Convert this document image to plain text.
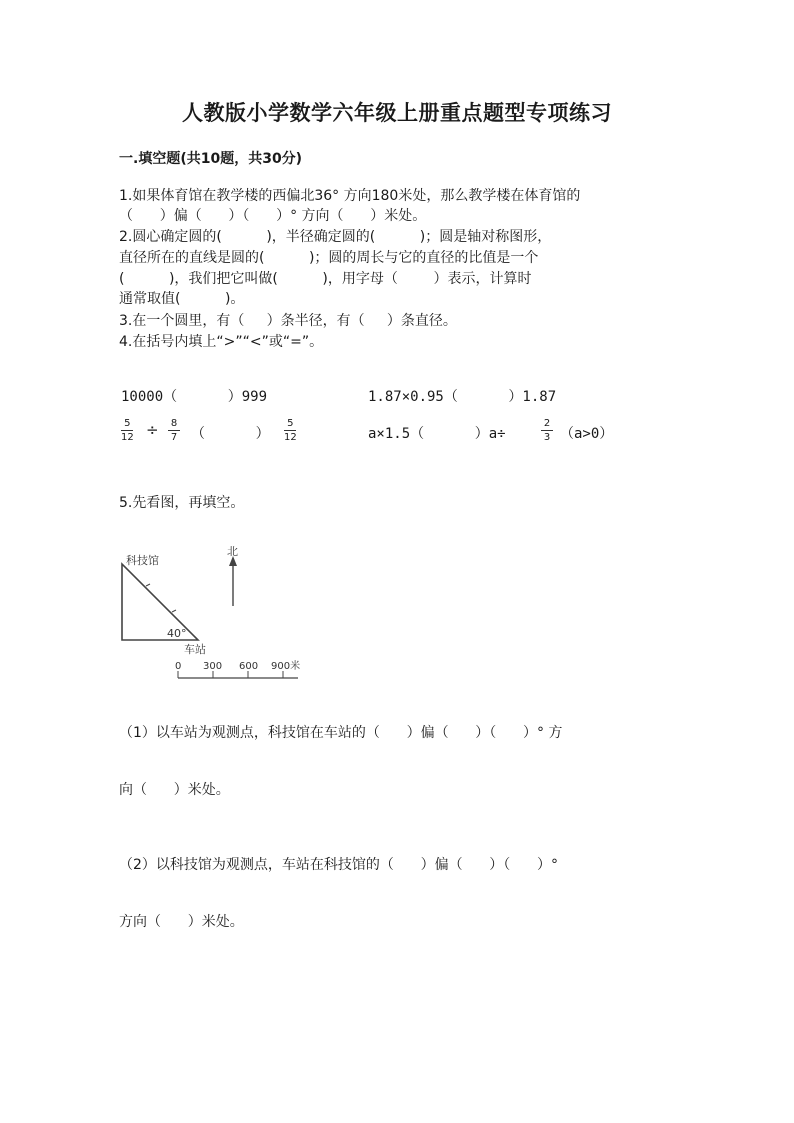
人教版小学数学六年级上册重点题型专项练习
一.填空题(共10题，共30分)
1.如果体育馆在教学楼的西偏北36° 方向180米处，那么教学楼在体育馆的
（      ）偏（      ）（      ）° 方向（      ）米处。
2.圆心确定圆的(          )，半径确定圆的(          )；圆是轴对称图形，
直径所在的直线是圆的(          )；圆的周长与它的直径的比值是一个
(          )，我们把它叫做(          )，用字母（        ）表示，计算时
通常取值(          )。
3.在一个圆里，有（     ）条半径，有（     ）条直径。
4.在括号内填上“>”“<”或“=”。
10000（      ）999	1.87×0.95（      ）1.87
5
12 ÷ 8
7 （      ）
5
12	a×1.5（      ）a÷
2
3 （a>0）
5.先看图，再填空。
科技馆
北
40°
车站
0 300 600 900米
（1）以车站为观测点，科技馆在车站的（      ）偏（      ）（      ）° 方
向（      ）米处。
（2）以科技馆为观测点，车站在科技馆的（      ）偏（      ）（      ）°
方向（      ）米处。
